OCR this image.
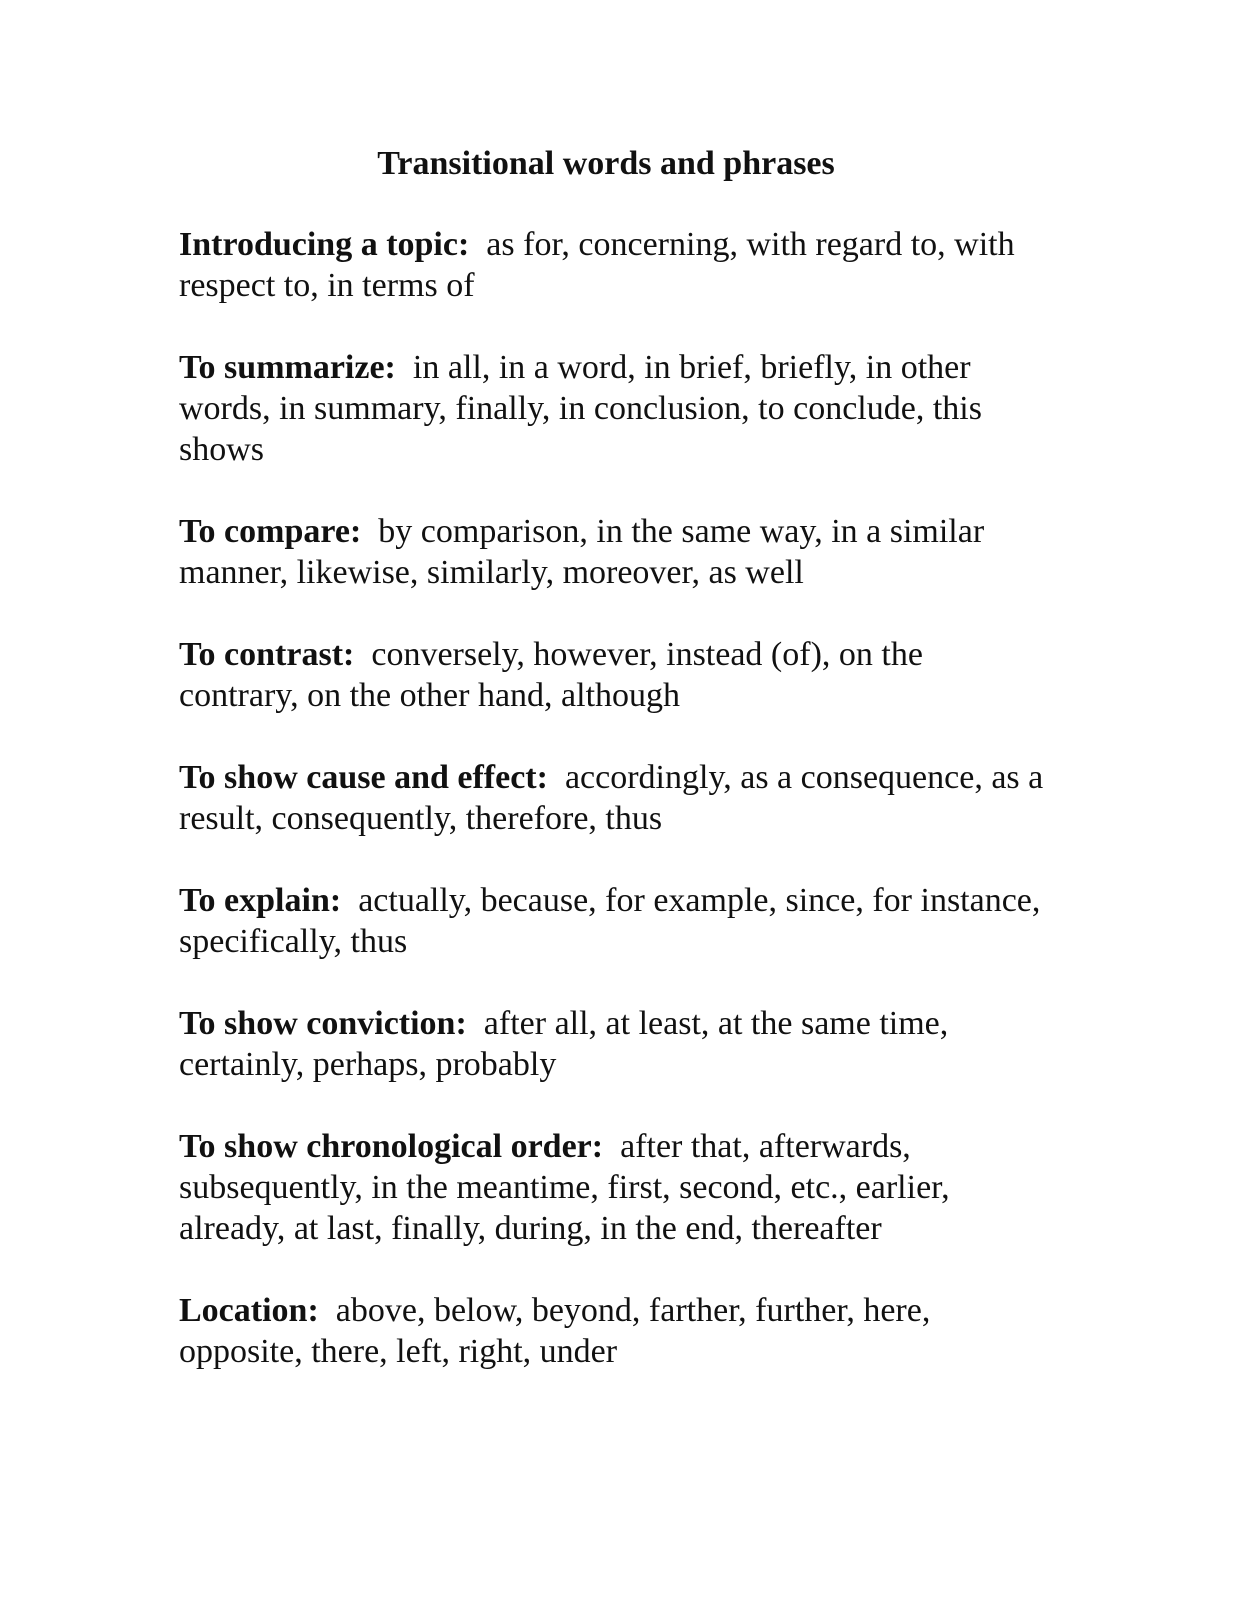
Transitional words and phrases

Introducing a topic: as for, concerning, with regard to, with respect to, in terms of

To summarize: in all, in a word, in brief, briefly, in other words, in summary, finally, in conclusion, to conclude, this shows

To compare: by comparison, in the same way, in a similar manner, likewise, similarly, moreover, as well

To contrast: conversely, however, instead (of), on the contrary, on the other hand, although

To show cause and effect: accordingly, as a consequence, as a result, consequently, therefore, thus

To explain: actually, because, for example, since, for instance, specifically, thus

To show conviction: after all, at least, at the same time, certainly, perhaps, probably

To show chronological order: after that, afterwards, subsequently, in the meantime, first, second, etc., earlier, already, at last, finally, during, in the end, thereafter

Location: above, below, beyond, farther, further, here, opposite, there, left, right, under
